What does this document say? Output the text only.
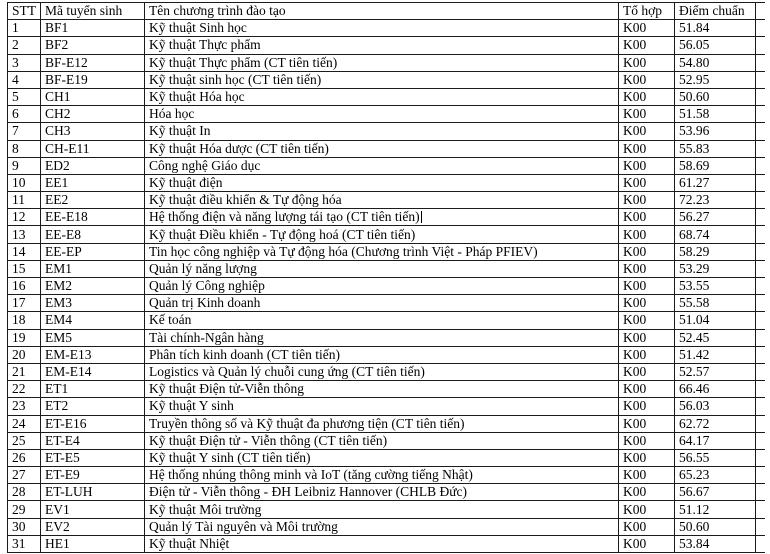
STT	Mã tuyển sinh	Tên chương trình đào tạo	Tổ hợp	Điểm chuẩn	
1	BF1	Kỹ thuật Sinh học	K00	51.84	
2	BF2	Kỹ thuật Thực phẩm	K00	56.05	
3	BF-E12	Kỹ thuật Thực phẩm (CT tiên tiến)	K00	54.80	
4	BF-E19	Kỹ thuật sinh học (CT tiên tiến)	K00	52.95	
5	CH1	Kỹ thuật Hóa học	K00	50.60	
6	CH2	Hóa học	K00	51.58	
7	CH3	Kỹ thuật In	K00	53.96	
8	CH-E11	Kỹ thuật Hóa dược (CT tiên tiến)	K00	55.83	
9	ED2	Công nghệ Giáo dục	K00	58.69	
10	EE1	Kỹ thuật điện	K00	61.27	
11	EE2	Kỹ thuật điều khiển & Tự động hóa	K00	72.23	
12	EE-E18	Hệ thống điện và năng lượng tái tạo (CT tiên tiến)	K00	56.27	
13	EE-E8	Kỹ thuật Điều khiển - Tự động hoá (CT tiên tiến)	K00	68.74	
14	EE-EP	Tin học công nghiệp và Tự động hóa (Chương trình Việt - Pháp PFIEV)	K00	58.29	
15	EM1	Quản lý năng lượng	K00	53.29	
16	EM2	Quản lý Công nghiệp	K00	53.55	
17	EM3	Quản trị Kinh doanh	K00	55.58	
18	EM4	Kế toán	K00	51.04	
19	EM5	Tài chính-Ngân hàng	K00	52.45	
20	EM-E13	Phân tích kinh doanh (CT tiên tiến)	K00	51.42	
21	EM-E14	Logistics và Quản lý chuỗi cung ứng (CT tiên tiến)	K00	52.57	
22	ET1	Kỹ thuật Điện tử-Viễn thông	K00	66.46	
23	ET2	Kỹ thuật Y sinh	K00	56.03	
24	ET-E16	Truyền thông số và Kỹ thuật đa phương tiện (CT tiên tiến)	K00	62.72	
25	ET-E4	Kỹ thuật Điện tử - Viễn thông (CT tiên tiến)	K00	64.17	
26	ET-E5	Kỹ thuật Y sinh (CT tiên tiến)	K00	56.55	
27	ET-E9	Hệ thống nhúng thông minh và IoT (tăng cường tiếng Nhật)	K00	65.23	
28	ET-LUH	Điện tử - Viễn thông - ĐH Leibniz Hannover (CHLB Đức)	K00	56.67	
29	EV1	Kỹ thuật Môi trường	K00	51.12	
30	EV2	Quản lý Tài nguyên và Môi trường	K00	50.60	
31	HE1	Kỹ thuật Nhiệt	K00	53.84	
